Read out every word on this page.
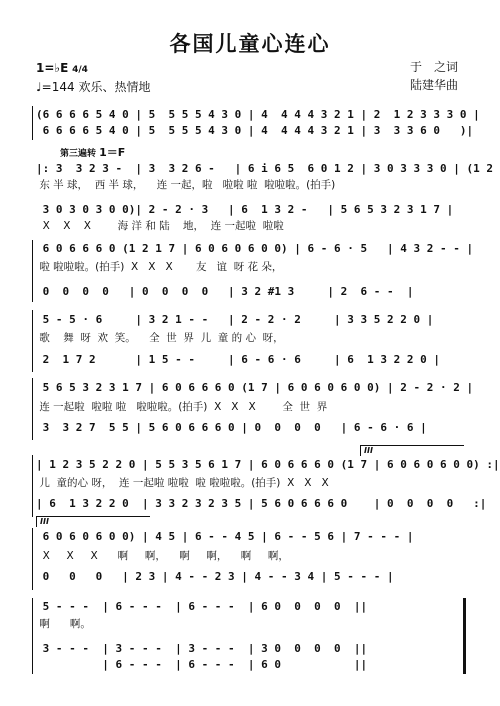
各国儿童心连心
1=♭E 4/4
♩=144 欢乐、热情地
于　之词
陆建华曲
第三遍转 1＝F
(6 6 6 6 5 4 0 | 5  5 5 5 4 3 0 | 4  4 4 4 3 2 1 | 2  1 2 3 3 3 0 |
6 6 6 6 5 4 0 | 5  5 5 5 4 3 0 | 4  4 4 4 3 2 1 | 3  3 3 6 0   )|
|: 3  3 2 3 -  | 3  3 2 6 -   | 6 i 6 5  6 0 1 2 | 3 0 3 3 3 0 | (1 2
东 半 球，  西 半 球，    连 一起，啦   啦啦 啦  啦啦啦。(拍手)
3 0 3 0 3 0 0)| 2 - 2 · 3   | 6  1 3 2 -   | 5 6 5 3 2 3 1 7 |
X    X    X        海 洋 和 陆    地，  连 一起啦  啦啦
6 0 6 6 6 0 (1 2 1 7 | 6 0 6 0 6 0 0) | 6 - 6 · 5   | 4 3 2 - - |
啦 啦啦啦。(拍手)  X   X   X       友   谊  呀 花 朵，
0  0  0  0   | 0  0  0  0   | 3 2 #1 3     | 2  6 - -  |
5 - 5 · 6     | 3 2 1 - -   | 2 - 2 · 2     | 3 3 5 2 2 0 |
歌    舞  呀  欢  笑。    全  世  界  儿  童 的 心  呀，
2  1 7 2      | 1 5 - -     | 6 - 6 · 6     | 6  1 3 2 2 0 |
5 6 5 3 2 3 1 7 | 6 0 6 6 6 0 (1 7 | 6 0 6 0 6 0 0) | 2 - 2 · 2 |
连 一起啦  啦啦 啦   啦啦啦。(拍手)  X   X   X        全  世  界
3  3 2 7  5 5 | 5 6 0 6 6 6 0 | 0  0  0  0   | 6 - 6 · 6 |
III
| 1 2 3 5 2 2 0 | 5 5 3 5 6 1 7 | 6 0 6 6 6 0 (1 7 | 6 0 6 0 6 0 0) :|
儿  童的心 呀，  连 一起啦 啦啦  啦 啦啦啦。(拍手)  X   X   X
| 6  1 3 2 2 0  | 3 3 2 3 2 3 5 | 5 6 0 6 6 6 0    | 0  0  0  0   :|
III
6 0 6 0 6 0 0) | 4 5 | 6 - - 4 5 | 6 - - 5 6 | 7 - - - |
X     X     X      啊     啊，    啊     啊，    啊     啊，
0   0   0   | 2 3 | 4 - - 2 3 | 4 - - 3 4 | 5 - - - |
5 - - -  | 6 - - -  | 6 - - -  | 6 0  0  0  0  ||
啊      啊。
3 - - -  | 3 - - -  | 3 - - -  | 3 0  0  0  0  ||
| 6 - - -  | 6 - - -  | 6 0           ||
